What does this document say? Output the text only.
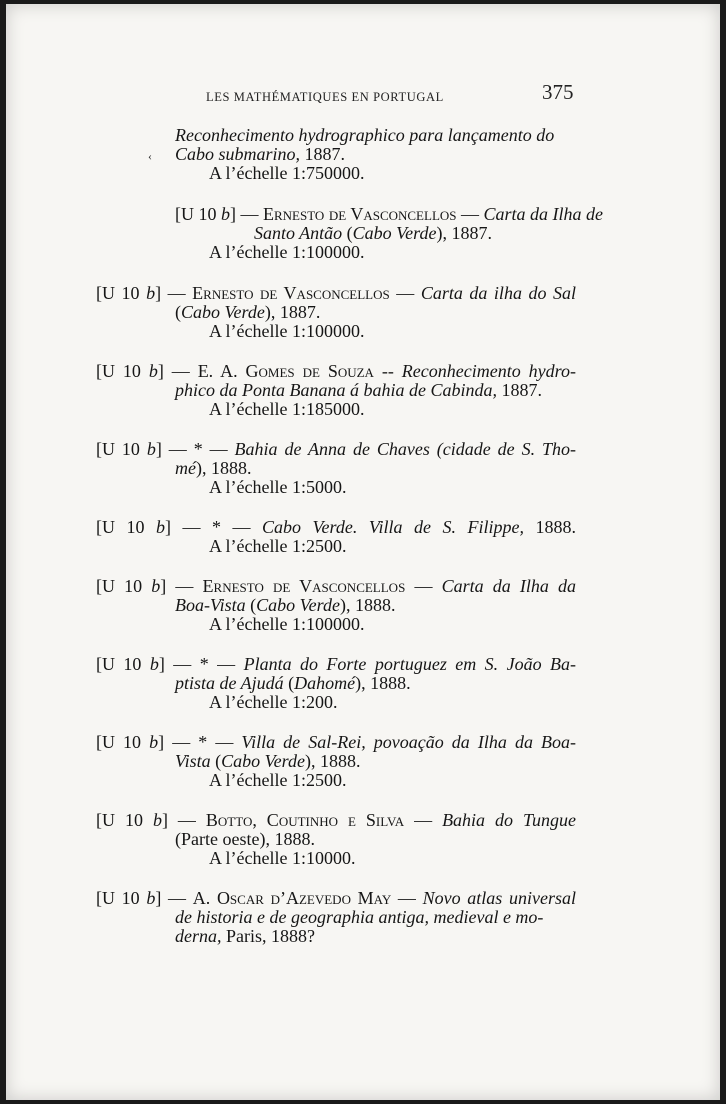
LES MATHÉMATIQUES EN PORTUGAL	375
‹
Reconhecimento hydrographico para lançamento do
Cabo submarino, 1887.
A l’échelle 1:750000.
[U 10 b] — Ernesto de Vasconcellos — Carta da Ilha de
Santo Antão (Cabo Verde), 1887.
A l’échelle 1:100000.
[U 10 b] — Ernesto de Vasconcellos — Carta da ilha do Sal
(Cabo Verde), 1887.
A l’échelle 1:100000.
[U 10 b] — E. A. Gomes de Souza -- Reconhecimento hydro-
phico da Ponta Banana á bahia de Cabinda, 1887.
A l’échelle 1:185000.
[U 10 b] — * — Bahia de Anna de Chaves (cidade de S. Tho-
mé), 1888.
A l’échelle 1:5000.
[U 10 b] — * — Cabo Verde. Villa de S. Filippe, 1888.
A l’échelle 1:2500.
[U 10 b] — Ernesto de Vasconcellos — Carta da Ilha da
Boa-Vista (Cabo Verde), 1888.
A l’échelle 1:100000.
[U 10 b] — * — Planta do Forte portuguez em S. João Ba-
ptista de Ajudá (Dahomé), 1888.
A l’échelle 1:200.
[U 10 b] — * — Villa de Sal-Rei, povoação da Ilha da Boa-
Vista (Cabo Verde), 1888.
A l’échelle 1:2500.
[U 10 b] — Botto, Coutinho e Silva — Bahia do Tungue
(Parte oeste), 1888.
A l’échelle 1:10000.
[U 10 b] — A. Oscar d’Azevedo May — Novo atlas universal
de historia e de geographia antiga, medieval e mo-
derna, Paris, 1888?
